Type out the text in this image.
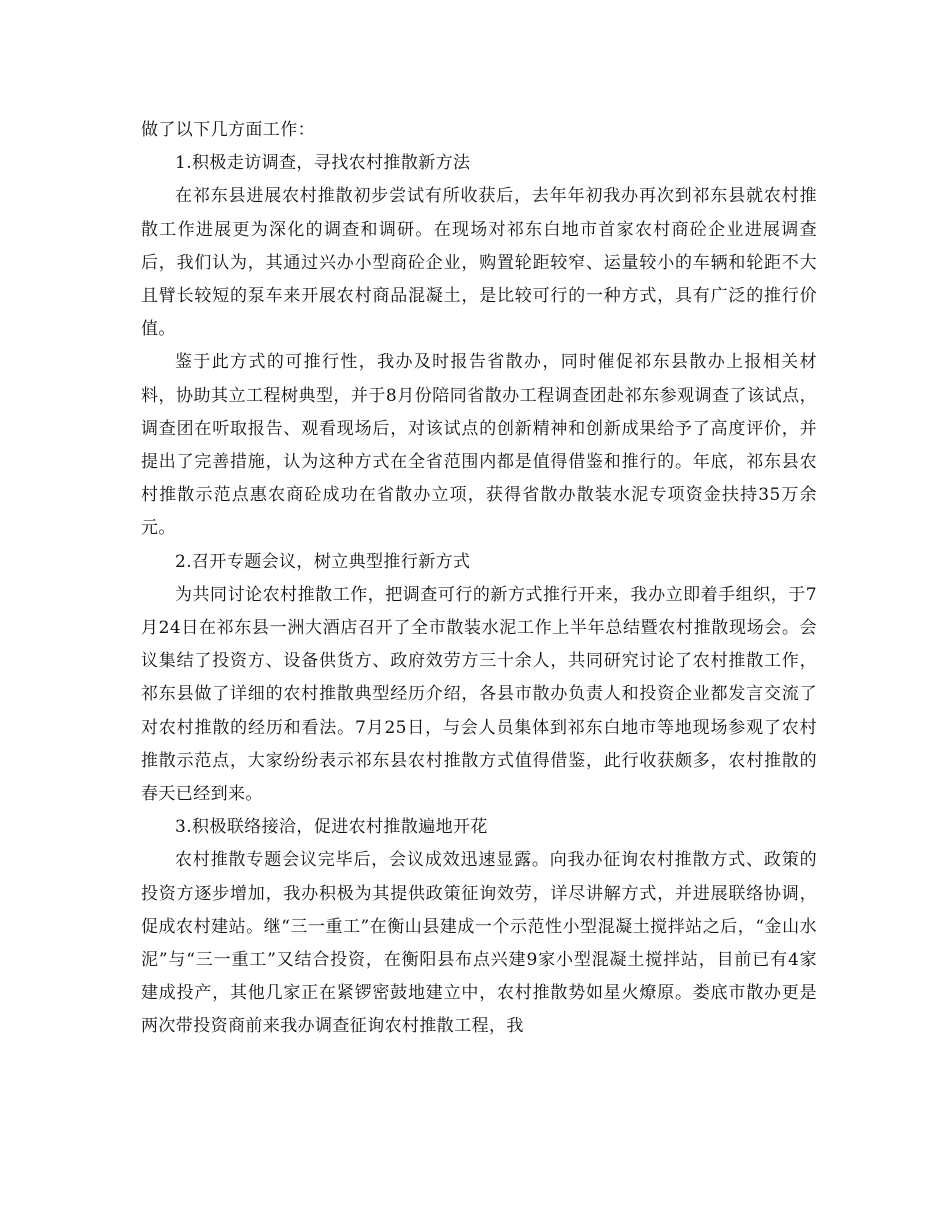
做了以下几方面工作：

1.积极走访调查，寻找农村推散新方法

在祁东县进展农村推散初步尝试有所收获后，去年年初我办再次到祁东县就农村推散工作进展更为深化的调查和调研。在现场对祁东白地市首家农村商砼企业进展调查后，我们认为，其通过兴办小型商砼企业，购置轮距较窄、运量较小的车辆和轮距不大且臂长较短的泵车来开展农村商品混凝土，是比较可行的一种方式，具有广泛的推行价值。

鉴于此方式的可推行性，我办及时报告省散办，同时催促祁东县散办上报相关材料，协助其立工程树典型，并于8月份陪同省散办工程调查团赴祁东参观调查了该试点，调查团在听取报告、观看现场后，对该试点的创新精神和创新成果给予了高度评价，并提出了完善措施，认为这种方式在全省范围内都是值得借鉴和推行的。年底，祁东县农村推散示范点惠农商砼成功在省散办立项，获得省散办散装水泥专项资金扶持35万余元。

2.召开专题会议，树立典型推行新方式

为共同讨论农村推散工作，把调查可行的新方式推行开来，我办立即着手组织，于7月24日在祁东县一洲大酒店召开了全市散装水泥工作上半年总结暨农村推散现场会。会议集结了投资方、设备供货方、政府效劳方三十余人，共同研究讨论了农村推散工作，祁东县做了详细的农村推散典型经历介绍，各县市散办负责人和投资企业都发言交流了对农村推散的经历和看法。7月25日，与会人员集体到祁东白地市等地现场参观了农村推散示范点，大家纷纷表示祁东县农村推散方式值得借鉴，此行收获颇多，农村推散的春天已经到来。

3.积极联络接洽，促进农村推散遍地开花

农村推散专题会议完毕后，会议成效迅速显露。向我办征询农村推散方式、政策的投资方逐步增加，我办积极为其提供政策征询效劳，详尽讲解方式，并进展联络协调，促成农村建站。继“三一重工”在衡山县建成一个示范性小型混凝土搅拌站之后，“金山水泥”与“三一重工”又结合投资，在衡阳县布点兴建9家小型混凝土搅拌站，目前已有4家建成投产，其他几家正在紧锣密鼓地建立中，农村推散势如星火燎原。娄底市散办更是两次带投资商前来我办调查征询农村推散工程，我
